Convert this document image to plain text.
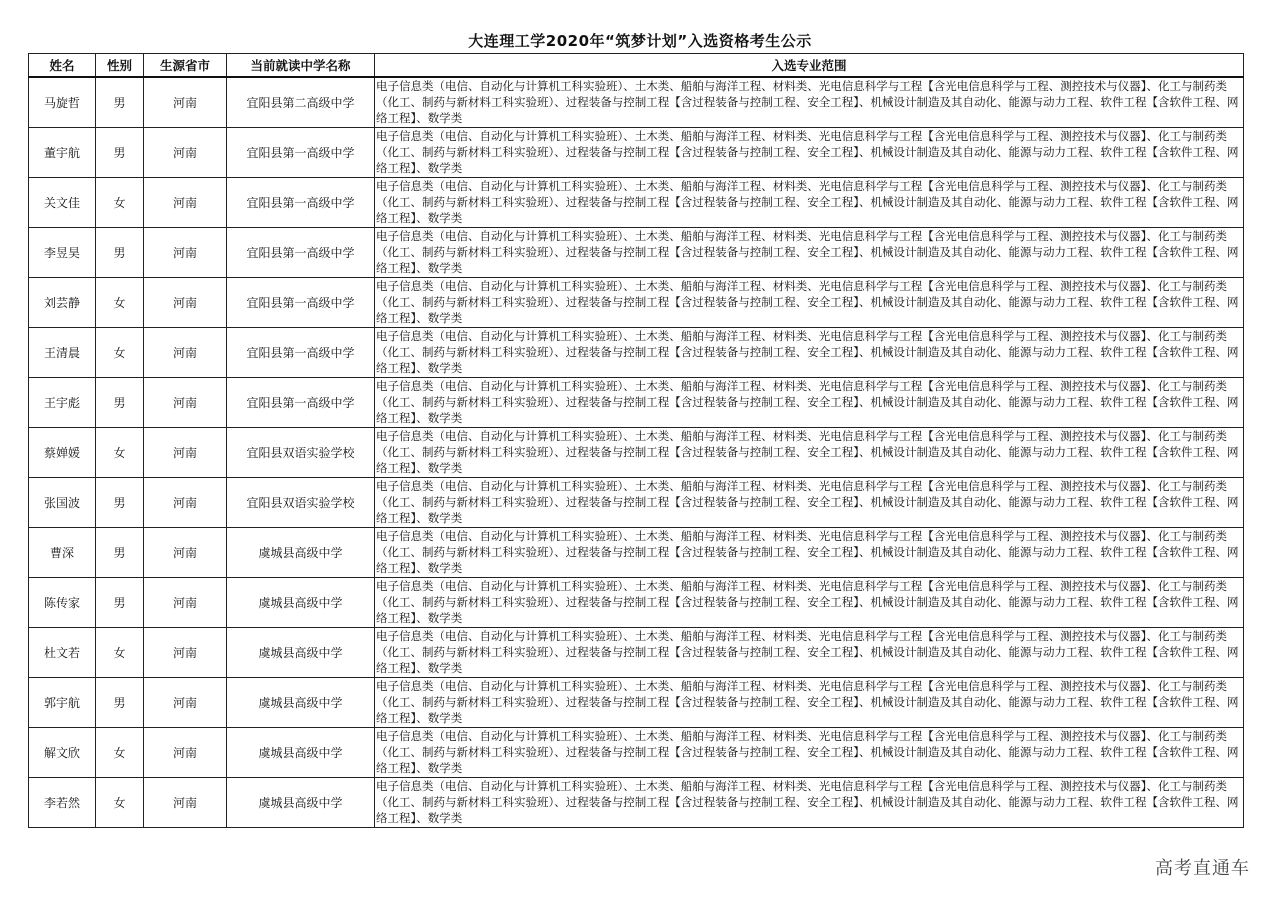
大连理工学2020年“筑梦计划”入选资格考生公示
姓名	性别	生源省市	当前就读中学名称	入选专业范围
马旋哲	男	河南	宜阳县第二高级中学	电子信息类（电信、自动化与计算机工科实验班）、土木类、船舶与海洋工程、材料类、光电信息科学与工程【含光电信息科学与工程、测控技术与仪器】、化工与制药类（化工、制药与新材料工科实验班）、过程装备与控制工程【含过程装备与控制工程、安全工程】、机械设计制造及其自动化、能源与动力工程、软件工程【含软件工程、网络工程】、数学类

董宇航	男	河南	宜阳县第一高级中学	电子信息类（电信、自动化与计算机工科实验班）、土木类、船舶与海洋工程、材料类、光电信息科学与工程【含光电信息科学与工程、测控技术与仪器】、化工与制药类（化工、制药与新材料工科实验班）、过程装备与控制工程【含过程装备与控制工程、安全工程】、机械设计制造及其自动化、能源与动力工程、软件工程【含软件工程、网络工程】、数学类

关文佳	女	河南	宜阳县第一高级中学	电子信息类（电信、自动化与计算机工科实验班）、土木类、船舶与海洋工程、材料类、光电信息科学与工程【含光电信息科学与工程、测控技术与仪器】、化工与制药类（化工、制药与新材料工科实验班）、过程装备与控制工程【含过程装备与控制工程、安全工程】、机械设计制造及其自动化、能源与动力工程、软件工程【含软件工程、网络工程】、数学类

李昱昊	男	河南	宜阳县第一高级中学	电子信息类（电信、自动化与计算机工科实验班）、土木类、船舶与海洋工程、材料类、光电信息科学与工程【含光电信息科学与工程、测控技术与仪器】、化工与制药类（化工、制药与新材料工科实验班）、过程装备与控制工程【含过程装备与控制工程、安全工程】、机械设计制造及其自动化、能源与动力工程、软件工程【含软件工程、网络工程】、数学类

刘芸静	女	河南	宜阳县第一高级中学	电子信息类（电信、自动化与计算机工科实验班）、土木类、船舶与海洋工程、材料类、光电信息科学与工程【含光电信息科学与工程、测控技术与仪器】、化工与制药类（化工、制药与新材料工科实验班）、过程装备与控制工程【含过程装备与控制工程、安全工程】、机械设计制造及其自动化、能源与动力工程、软件工程【含软件工程、网络工程】、数学类

王清晨	女	河南	宜阳县第一高级中学	电子信息类（电信、自动化与计算机工科实验班）、土木类、船舶与海洋工程、材料类、光电信息科学与工程【含光电信息科学与工程、测控技术与仪器】、化工与制药类（化工、制药与新材料工科实验班）、过程装备与控制工程【含过程装备与控制工程、安全工程】、机械设计制造及其自动化、能源与动力工程、软件工程【含软件工程、网络工程】、数学类

王宇彪	男	河南	宜阳县第一高级中学	电子信息类（电信、自动化与计算机工科实验班）、土木类、船舶与海洋工程、材料类、光电信息科学与工程【含光电信息科学与工程、测控技术与仪器】、化工与制药类（化工、制药与新材料工科实验班）、过程装备与控制工程【含过程装备与控制工程、安全工程】、机械设计制造及其自动化、能源与动力工程、软件工程【含软件工程、网络工程】、数学类

蔡婵媛	女	河南	宜阳县双语实验学校	电子信息类（电信、自动化与计算机工科实验班）、土木类、船舶与海洋工程、材料类、光电信息科学与工程【含光电信息科学与工程、测控技术与仪器】、化工与制药类（化工、制药与新材料工科实验班）、过程装备与控制工程【含过程装备与控制工程、安全工程】、机械设计制造及其自动化、能源与动力工程、软件工程【含软件工程、网络工程】、数学类

张国波	男	河南	宜阳县双语实验学校	电子信息类（电信、自动化与计算机工科实验班）、土木类、船舶与海洋工程、材料类、光电信息科学与工程【含光电信息科学与工程、测控技术与仪器】、化工与制药类（化工、制药与新材料工科实验班）、过程装备与控制工程【含过程装备与控制工程、安全工程】、机械设计制造及其自动化、能源与动力工程、软件工程【含软件工程、网络工程】、数学类

曹深	男	河南	虞城县高级中学	电子信息类（电信、自动化与计算机工科实验班）、土木类、船舶与海洋工程、材料类、光电信息科学与工程【含光电信息科学与工程、测控技术与仪器】、化工与制药类（化工、制药与新材料工科实验班）、过程装备与控制工程【含过程装备与控制工程、安全工程】、机械设计制造及其自动化、能源与动力工程、软件工程【含软件工程、网络工程】、数学类

陈传家	男	河南	虞城县高级中学	电子信息类（电信、自动化与计算机工科实验班）、土木类、船舶与海洋工程、材料类、光电信息科学与工程【含光电信息科学与工程、测控技术与仪器】、化工与制药类（化工、制药与新材料工科实验班）、过程装备与控制工程【含过程装备与控制工程、安全工程】、机械设计制造及其自动化、能源与动力工程、软件工程【含软件工程、网络工程】、数学类

杜文若	女	河南	虞城县高级中学	电子信息类（电信、自动化与计算机工科实验班）、土木类、船舶与海洋工程、材料类、光电信息科学与工程【含光电信息科学与工程、测控技术与仪器】、化工与制药类（化工、制药与新材料工科实验班）、过程装备与控制工程【含过程装备与控制工程、安全工程】、机械设计制造及其自动化、能源与动力工程、软件工程【含软件工程、网络工程】、数学类

郭宇航	男	河南	虞城县高级中学	电子信息类（电信、自动化与计算机工科实验班）、土木类、船舶与海洋工程、材料类、光电信息科学与工程【含光电信息科学与工程、测控技术与仪器】、化工与制药类（化工、制药与新材料工科实验班）、过程装备与控制工程【含过程装备与控制工程、安全工程】、机械设计制造及其自动化、能源与动力工程、软件工程【含软件工程、网络工程】、数学类

解文欣	女	河南	虞城县高级中学	电子信息类（电信、自动化与计算机工科实验班）、土木类、船舶与海洋工程、材料类、光电信息科学与工程【含光电信息科学与工程、测控技术与仪器】、化工与制药类（化工、制药与新材料工科实验班）、过程装备与控制工程【含过程装备与控制工程、安全工程】、机械设计制造及其自动化、能源与动力工程、软件工程【含软件工程、网络工程】、数学类

李若然	女	河南	虞城县高级中学	电子信息类（电信、自动化与计算机工科实验班）、土木类、船舶与海洋工程、材料类、光电信息科学与工程【含光电信息科学与工程、测控技术与仪器】、化工与制药类（化工、制药与新材料工科实验班）、过程装备与控制工程【含过程装备与控制工程、安全工程】、机械设计制造及其自动化、能源与动力工程、软件工程【含软件工程、网络工程】、数学类
高考直通车
